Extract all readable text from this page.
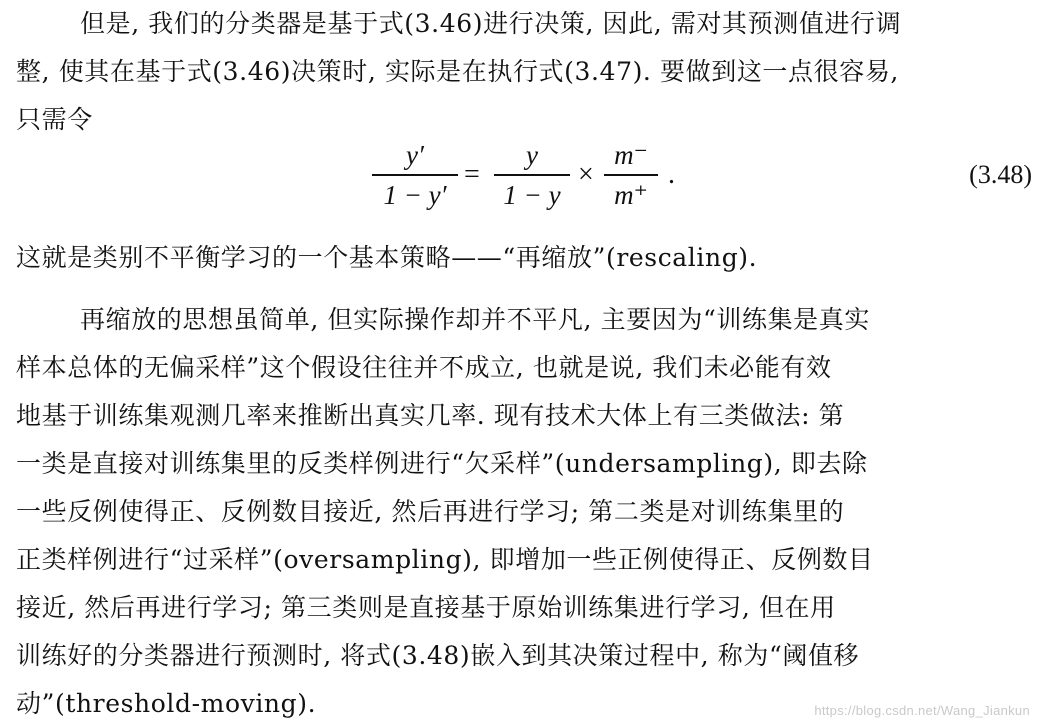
但是, 我们的分类器是基于式(3.46)进行决策, 因此, 需对其预测值进行调
整, 使其在基于式(3.46)决策时, 实际是在执行式(3.47). 要做到这一点很容易,
只需令
y′
1 − y′
=
y
1 − y
×
m⁻
m⁺
.	(3.48)
这就是类别不平衡学习的一个基本策略——“再缩放”(rescaling).
再缩放的思想虽简单, 但实际操作却并不平凡, 主要因为“训练集是真实
样本总体的无偏采样”这个假设往往并不成立, 也就是说, 我们未必能有效
地基于训练集观测几率来推断出真实几率. 现有技术大体上有三类做法: 第
一类是直接对训练集里的反类样例进行“欠采样”(undersampling), 即去除
一些反例使得正、反例数目接近, 然后再进行学习; 第二类是对训练集里的
正类样例进行“过采样”(oversampling), 即增加一些正例使得正、反例数目
接近, 然后再进行学习; 第三类则是直接基于原始训练集进行学习, 但在用
训练好的分类器进行预测时, 将式(3.48)嵌入到其决策过程中, 称为“阈值移
动”(threshold-moving).	https://blog.csdn.net/Wang_Jiankun
